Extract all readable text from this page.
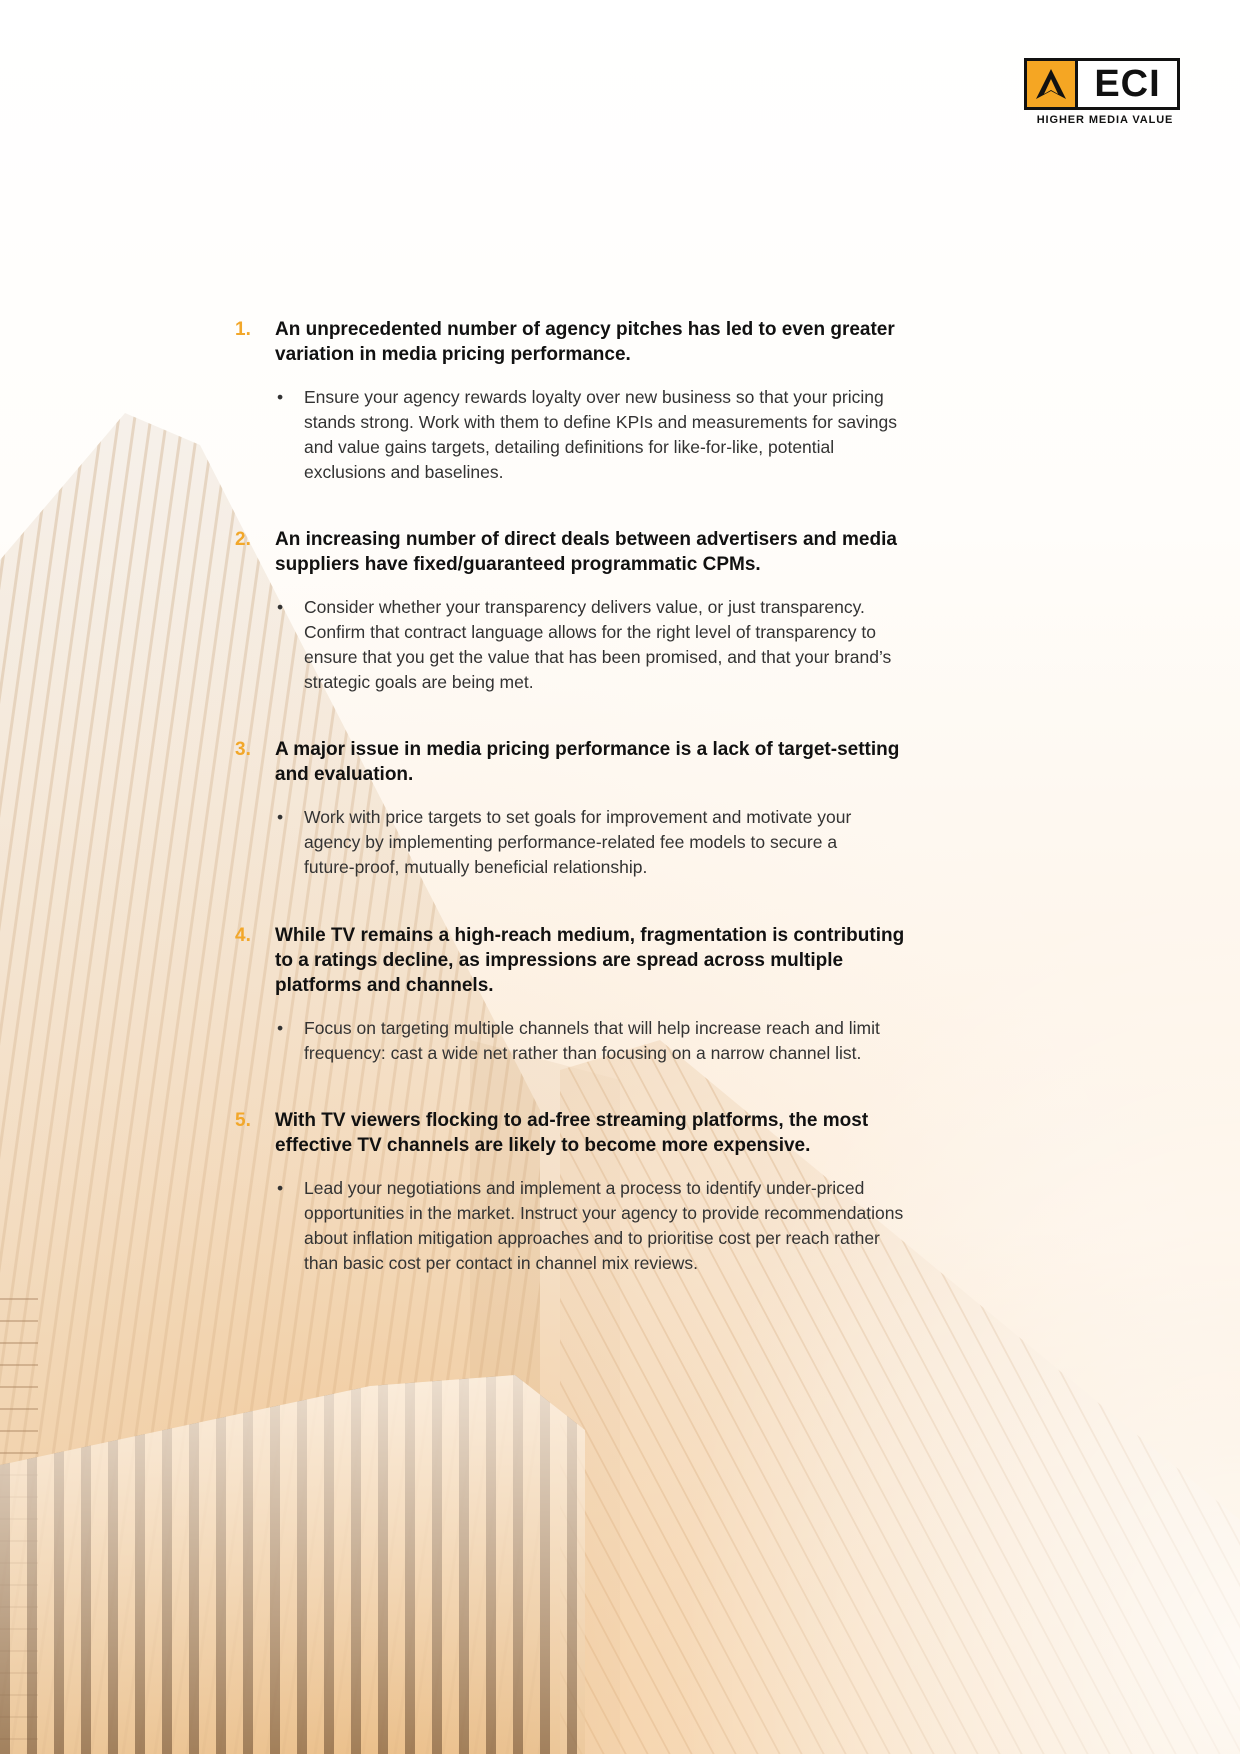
ECI
HIGHER MEDIA VALUE
1.	An unprecedented number of agency pitches has led to even greater
variation in media pricing performance.
• Ensure your agency rewards loyalty over new business so that your pricing
stands strong. Work with them to define KPIs and measurements for savings
and value gains targets, detailing definitions for like-for-like, potential
exclusions and baselines.

2.	An increasing number of direct deals between advertisers and media
suppliers have fixed/guaranteed programmatic CPMs.
• Consider whether your transparency delivers value, or just transparency.
Confirm that contract language allows for the right level of transparency to
ensure that you get the value that has been promised, and that your brand’s
strategic goals are being met.

3.	A major issue in media pricing performance is a lack of target-setting
and evaluation.
• Work with price targets to set goals for improvement and motivate your
agency by implementing performance-related fee models to secure a
future-proof, mutually beneficial relationship.

4.	While TV remains a high-reach medium, fragmentation is contributing
to a ratings decline, as impressions are spread across multiple
platforms and channels.
• Focus on targeting multiple channels that will help increase reach and limit
frequency: cast a wide net rather than focusing on a narrow channel list.

5.	With TV viewers flocking to ad-free streaming platforms, the most
effective TV channels are likely to become more expensive.
• Lead your negotiations and implement a process to identify under-priced
opportunities in the market. Instruct your agency to provide recommendations
about inflation mitigation approaches and to prioritise cost per reach rather
than basic cost per contact in channel mix reviews.
